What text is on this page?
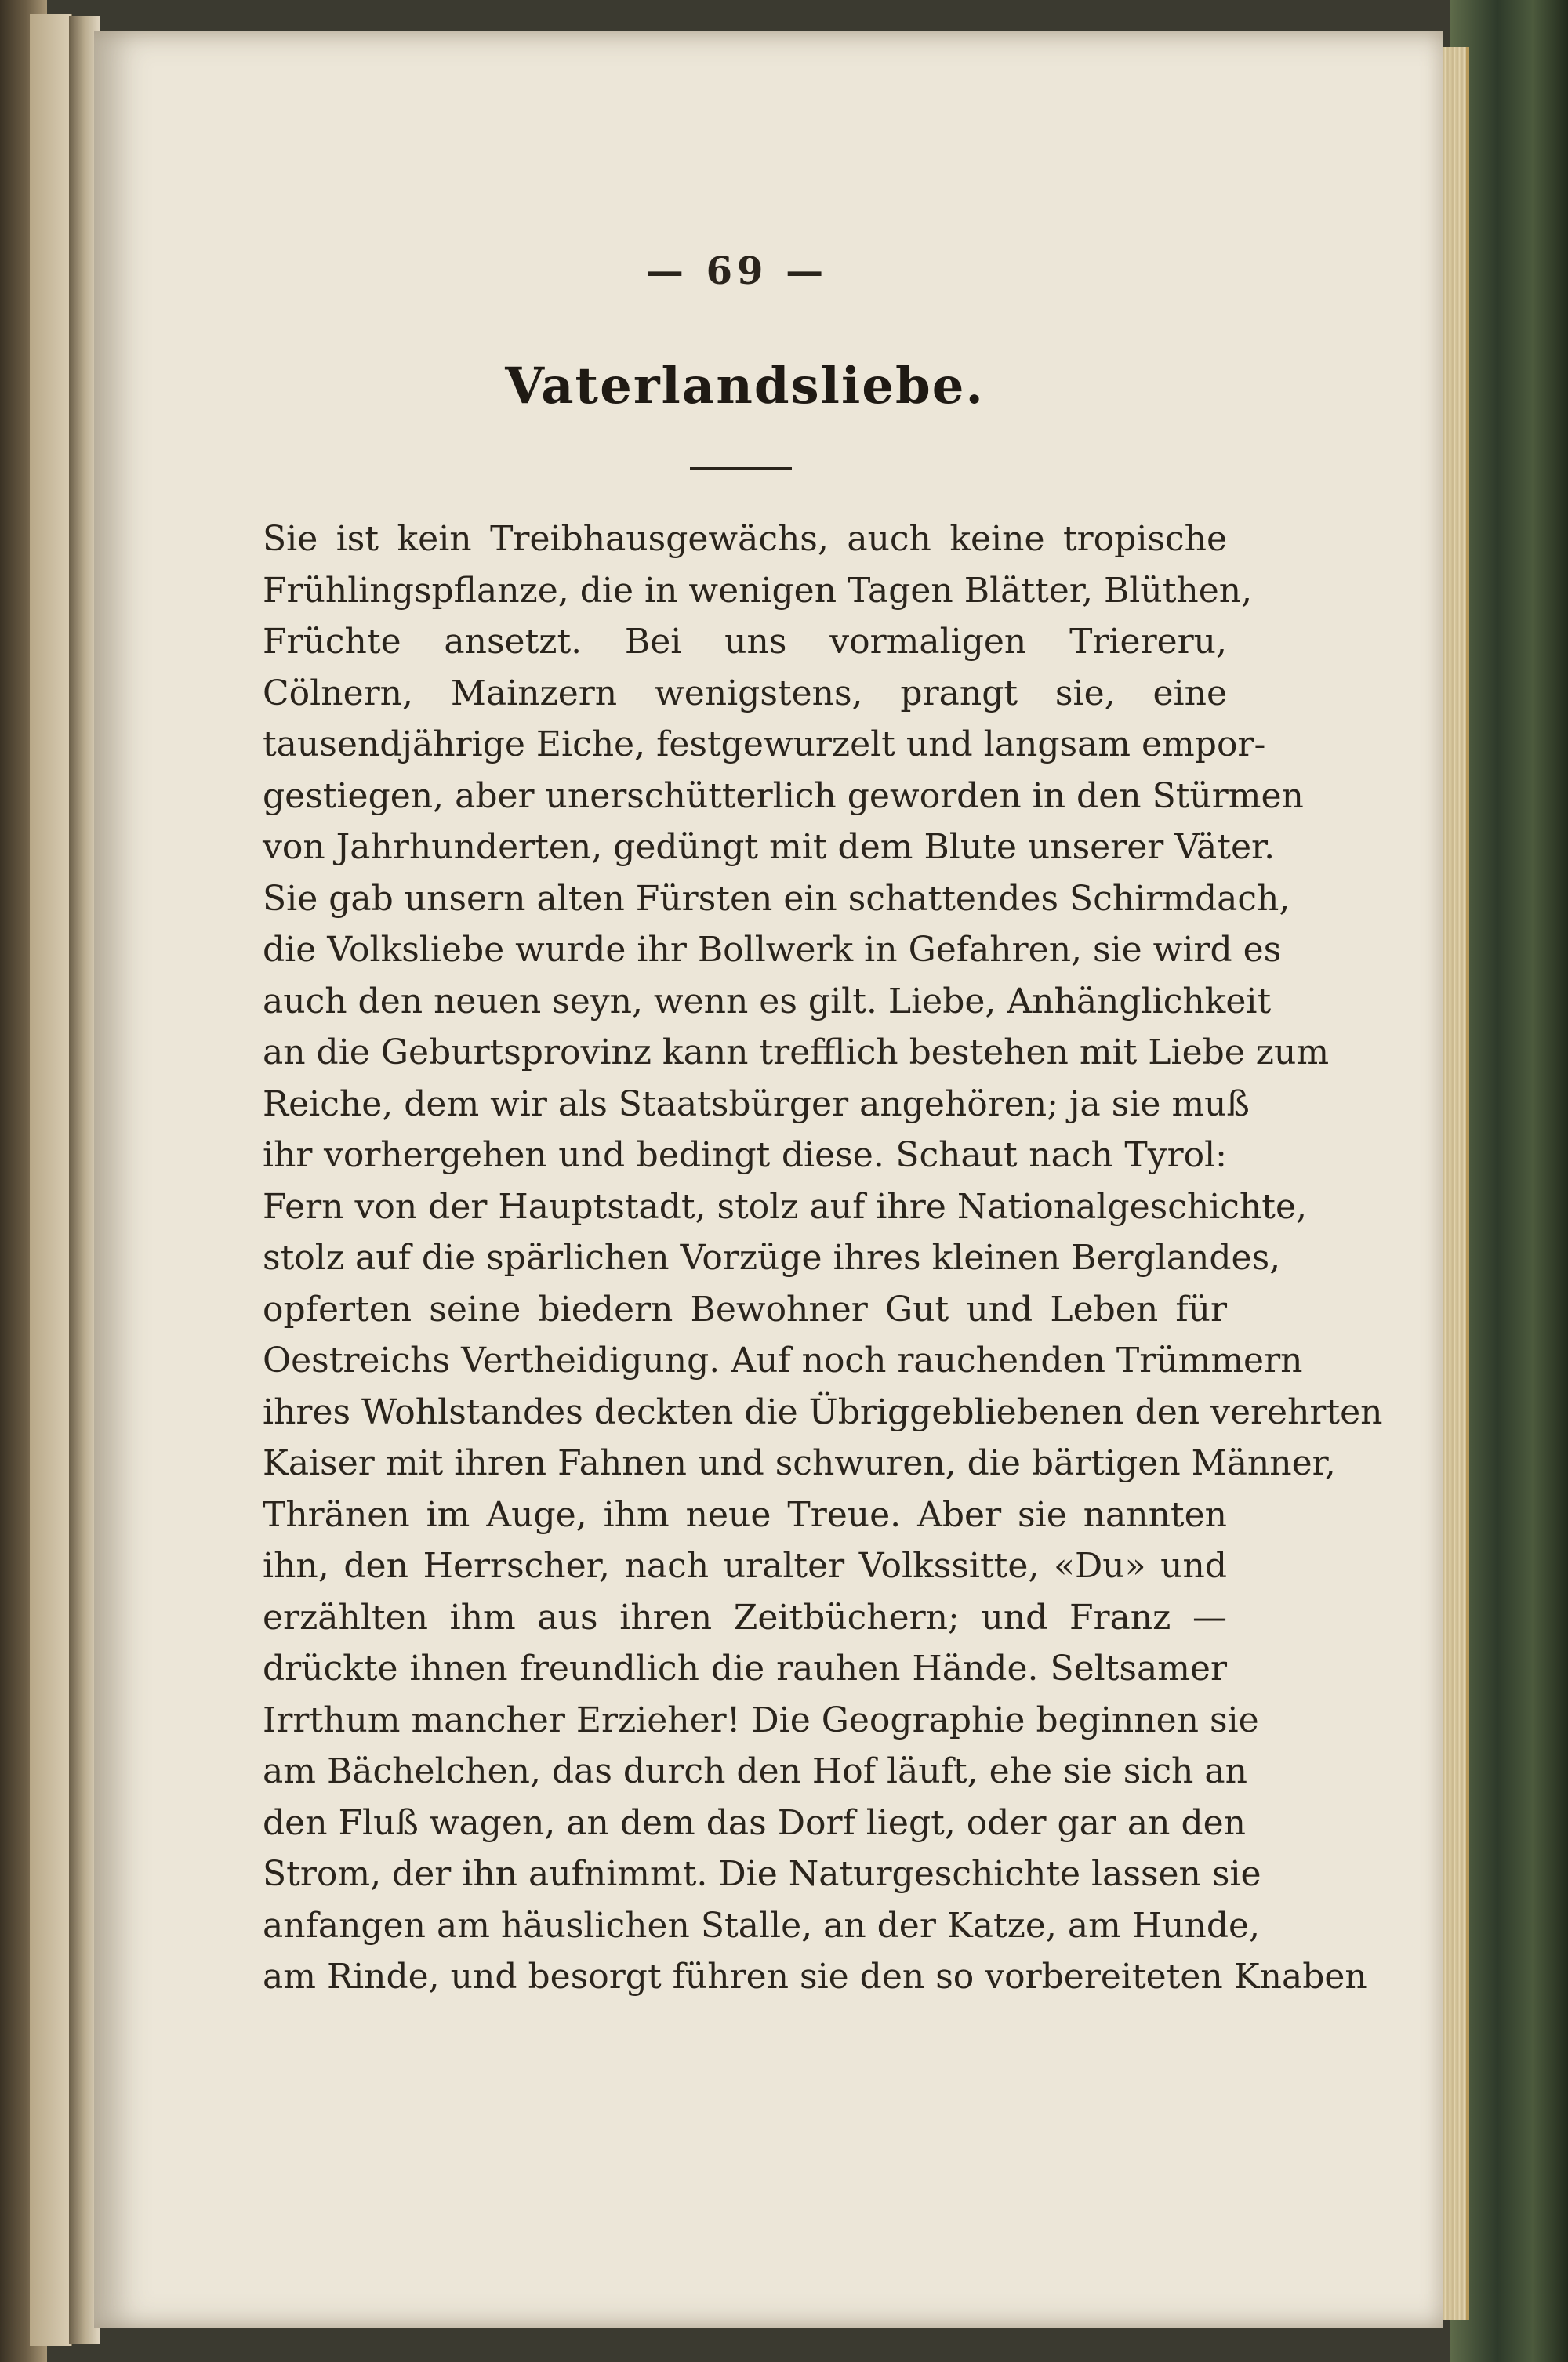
— 69 —
Vaterlandsliebe.
Sie ist kein Treibhausgewächs, auch keine tropische
Frühlingspflanze, die in wenigen Tagen Blätter, Blüthen,
Früchte ansetzt. Bei uns vormaligen Triereru,
Cölnern, Mainzern wenigstens, prangt sie, eine
tausendjährige Eiche, festgewurzelt und langsam empor-
gestiegen, aber unerschütterlich geworden in den Stürmen
von Jahrhunderten, gedüngt mit dem Blute unserer Väter.
Sie gab unsern alten Fürsten ein schattendes Schirmdach,
die Volksliebe wurde ihr Bollwerk in Gefahren, sie wird es
auch den neuen seyn, wenn es gilt. Liebe, Anhänglichkeit
an die Geburtsprovinz kann trefflich bestehen mit Liebe zum
Reiche, dem wir als Staatsbürger angehören; ja sie muß
ihr vorhergehen und bedingt diese. Schaut nach Tyrol:
Fern von der Hauptstadt, stolz auf ihre Nationalgeschichte,
stolz auf die spärlichen Vorzüge ihres kleinen Berglandes,
opferten seine biedern Bewohner Gut und Leben für
Oestreichs Vertheidigung. Auf noch rauchenden Trümmern
ihres Wohlstandes deckten die Übriggebliebenen den verehrten
Kaiser mit ihren Fahnen und schwuren, die bärtigen Männer,
Thränen im Auge, ihm neue Treue. Aber sie nannten
ihn, den Herrscher, nach uralter Volkssitte, «Du» und
erzählten ihm aus ihren Zeitbüchern; und Franz —
drückte ihnen freundlich die rauhen Hände. Seltsamer
Irrthum mancher Erzieher! Die Geographie beginnen sie
am Bächelchen, das durch den Hof läuft, ehe sie sich an
den Fluß wagen, an dem das Dorf liegt, oder gar an den
Strom, der ihn aufnimmt. Die Naturgeschichte lassen sie
anfangen am häuslichen Stalle, an der Katze, am Hunde,
am Rinde, und besorgt führen sie den so vorbereiteten Knaben
